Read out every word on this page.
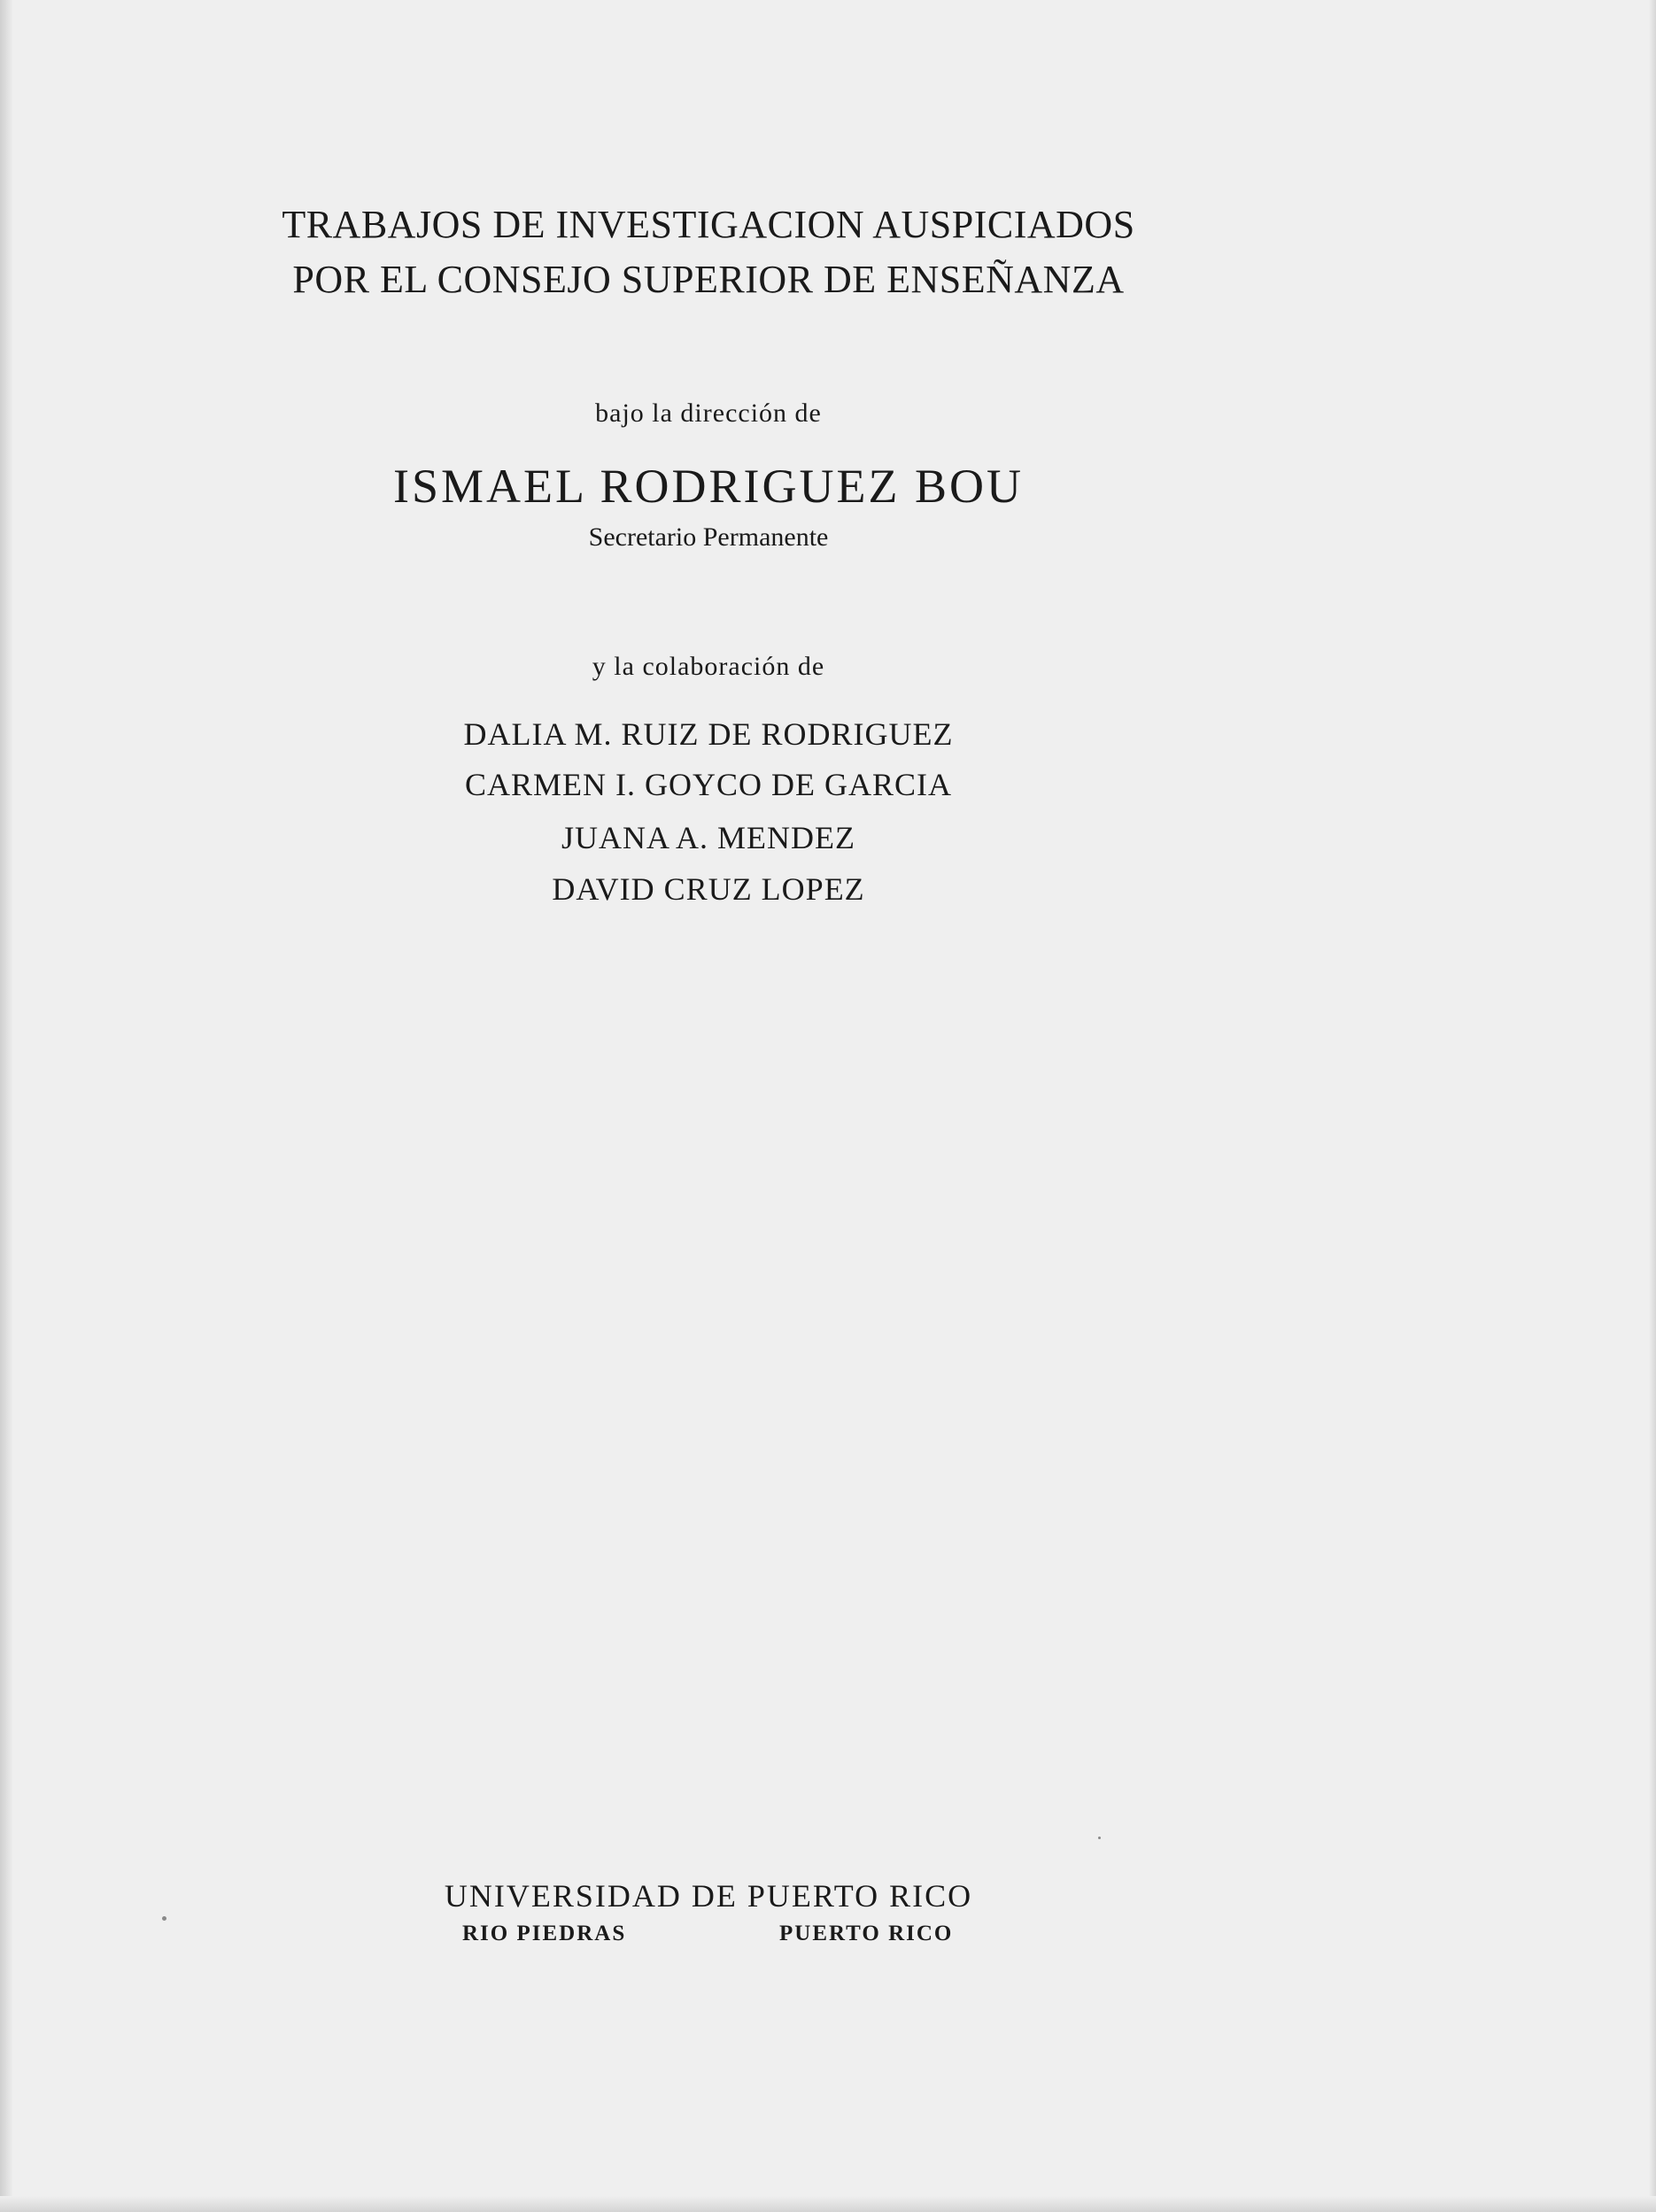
TRABAJOS DE INVESTIGACION AUSPICIADOS
POR EL CONSEJO SUPERIOR DE ENSEÑANZA
bajo la dirección de
ISMAEL RODRIGUEZ BOU
Secretario Permanente
y la colaboración de
DALIA M. RUIZ DE RODRIGUEZ
CARMEN I. GOYCO DE GARCIA
JUANA A. MENDEZ
DAVID CRUZ LOPEZ
UNIVERSIDAD DE PUERTO RICO
RIO PIEDRAS	PUERTO RICO
